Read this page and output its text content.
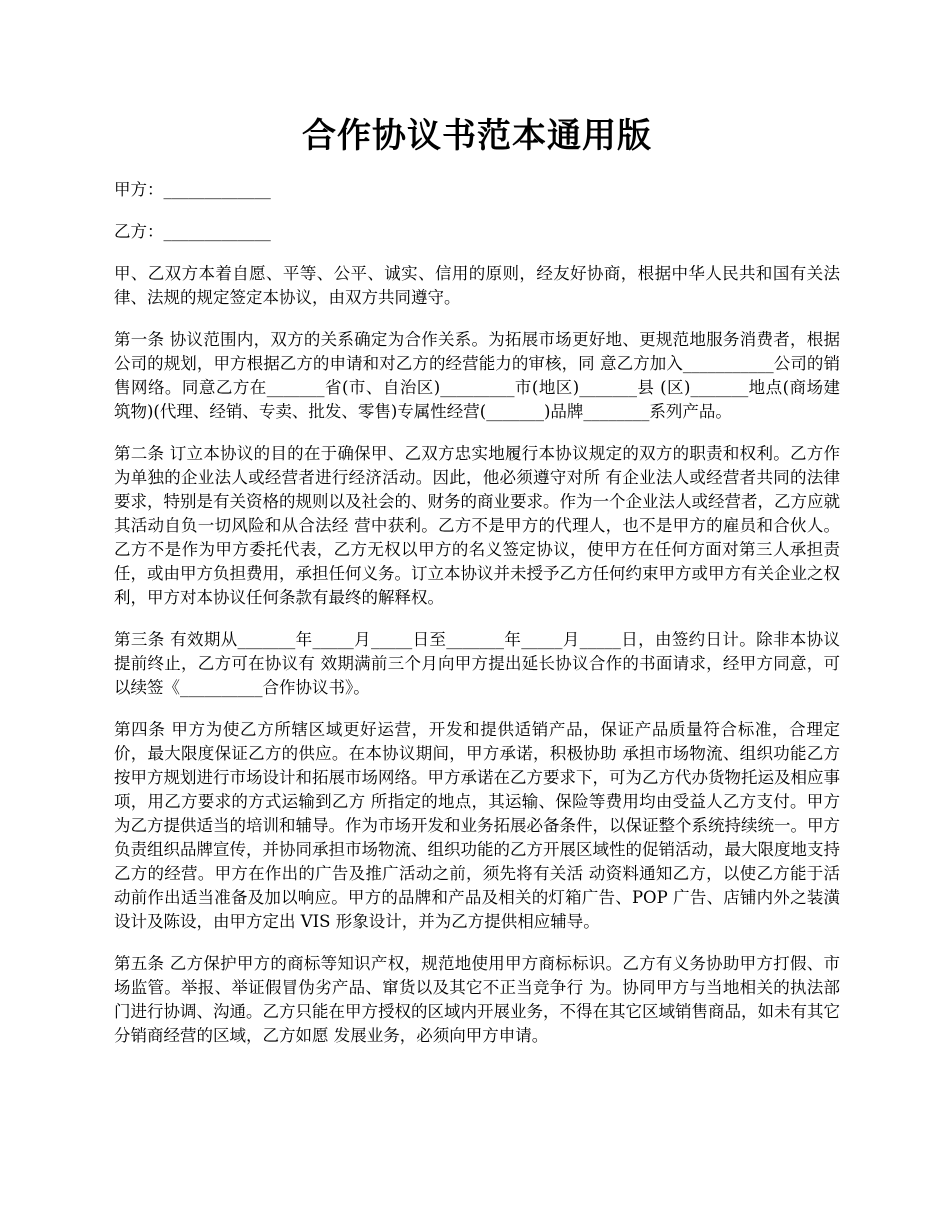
合作协议书范本通用版

甲方：_____________

乙方：_____________

甲、乙双方本着自愿、平等、公平、诚实、信用的原则，经友好协商，根据中华人民共和国有关法律、法规的规定签定本协议，由双方共同遵守。

第一条 协议范围内，双方的关系确定为合作关系。为拓展市场更好地、更规范地服务消费者，根据公司的规划，甲方根据乙方的申请和对乙方的经营能力的审核，同 意乙方加入___________公司的销售网络。同意乙方在_______省(市、自治区)_________市(地区)_______县 (区)_______地点(商场建筑物)(代理、经销、专卖、批发、零售)专属性经营(_______)品牌________系列产品。

第二条 订立本协议的目的在于确保甲、乙双方忠实地履行本协议规定的双方的职责和权利。乙方作为单独的企业法人或经营者进行经济活动。因此，他必须遵守对所 有企业法人或经营者共同的法律要求，特别是有关资格的规则以及社会的、财务的商业要求。作为一个企业法人或经营者，乙方应就其活动自负一切风险和从合法经 营中获利。乙方不是甲方的代理人，也不是甲方的雇员和合伙人。乙方不是作为甲方委托代表，乙方无权以甲方的名义签定协议，使甲方在任何方面对第三人承担责任，或由甲方负担费用，承担任何义务。订立本协议并未授予乙方任何约束甲方或甲方有关企业之权利，甲方对本协议任何条款有最终的解释权。

第三条 有效期从_______年_____月_____日至_______年_____月_____日，由签约日计。除非本协议提前终止，乙方可在协议有 效期满前三个月向甲方提出延长协议合作的书面请求，经甲方同意，可以续签《__________合作协议书》。

第四条 甲方为使乙方所辖区域更好运营，开发和提供适销产品，保证产品质量符合标准，合理定价，最大限度保证乙方的供应。在本协议期间，甲方承诺，积极协助 承担市场物流、组织功能乙方按甲方规划进行市场设计和拓展市场网络。甲方承诺在乙方要求下，可为乙方代办货物托运及相应事项，用乙方要求的方式运输到乙方 所指定的地点，其运输、保险等费用均由受益人乙方支付。甲方为乙方提供适当的培训和辅导。作为市场开发和业务拓展必备条件，以保证整个系统持续统一。甲方 负责组织品牌宣传，并协同承担市场物流、组织功能的乙方开展区域性的促销活动，最大限度地支持乙方的经营。甲方在作出的广告及推广活动之前，须先将有关活 动资料通知乙方，以使乙方能于活动前作出适当准备及加以响应。甲方的品牌和产品及相关的灯箱广告、POP 广告、店铺内外之装潢设计及陈设，由甲方定出 VIS 形象设计，并为乙方提供相应辅导。

第五条 乙方保护甲方的商标等知识产权，规范地使用甲方商标标识。乙方有义务协助甲方打假、市场监管。举报、举证假冒伪劣产品、窜货以及其它不正当竞争行 为。协同甲方与当地相关的执法部门进行协调、沟通。乙方只能在甲方授权的区域内开展业务，不得在其它区域销售商品，如未有其它分销商经营的区域，乙方如愿 发展业务，必须向甲方申请。
